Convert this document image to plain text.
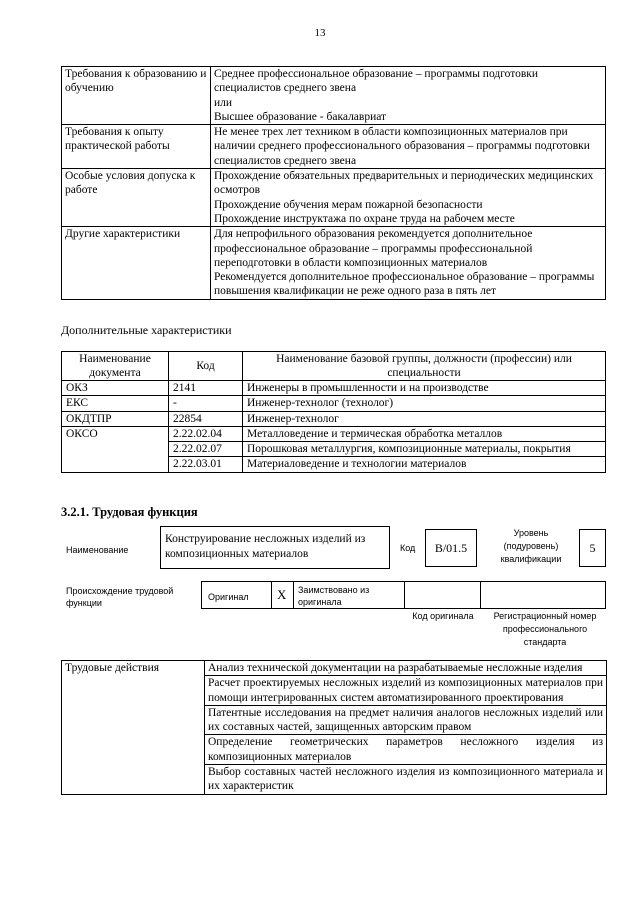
13
Требования к образованию и обучению	Среднее профессиональное образование – программы подготовки специалистов среднего звена
или
Высшее образование - бакалавриат

Требования к опыту практической работы	Не менее трех лет техником в области композиционных материалов при наличии среднего профессионального образования – программы подготовки специалистов среднего звена

Особые условия допуска к работе	Прохождение обязательных предварительных и периодических медицинских осмотров
Прохождение обучения мерам пожарной безопасности
Прохождение инструктажа по охране труда на рабочем месте

Другие характеристики	Для непрофильного образования рекомендуется дополнительное профессиональное образование – программы профессиональной переподготовки в области композиционных материалов
Рекомендуется дополнительное профессиональное образование – программы повышения квалификации не реже одного раза в пять лет
Дополнительные характеристики
Наименование документа	Код	Наименование базовой группы, должности (профессии) или специальности
ОКЗ	2141	Инженеры в промышленности и на производстве
ЕКС	-	Инженер-технолог (технолог)
ОКДТПР	22854	Инженер-технолог
ОКСО	2.22.02.04	Металловедение и термическая обработка металлов
	2.22.02.07	Порошковая металлургия, композиционные материалы, покрытия
	2.22.03.01	Материаловедение и технологии материалов
3.2.1. Трудовая функция
Наименование
Конструирование несложных изделий из композиционных материалов	Код	B/01.5
Уровень (подуровень) квалификации
5
Происхождение трудовой функции
Оригинал X Заимствовано из оригинала
Код оригинала	Регистрационный номер профессионального стандарта
Трудовые действия	Анализ технической документации на разрабатываемые несложные изделия
Расчет проектируемых несложных изделий из композиционных материалов при помощи интегрированных систем автоматизированного проектирования
Патентные исследования на предмет наличия аналогов несложных изделий или их составных частей, защищенных авторским правом
Определение геометрических параметров несложного изделия из композиционных материалов
Выбор составных частей несложного изделия из композиционного материала и их характеристик
